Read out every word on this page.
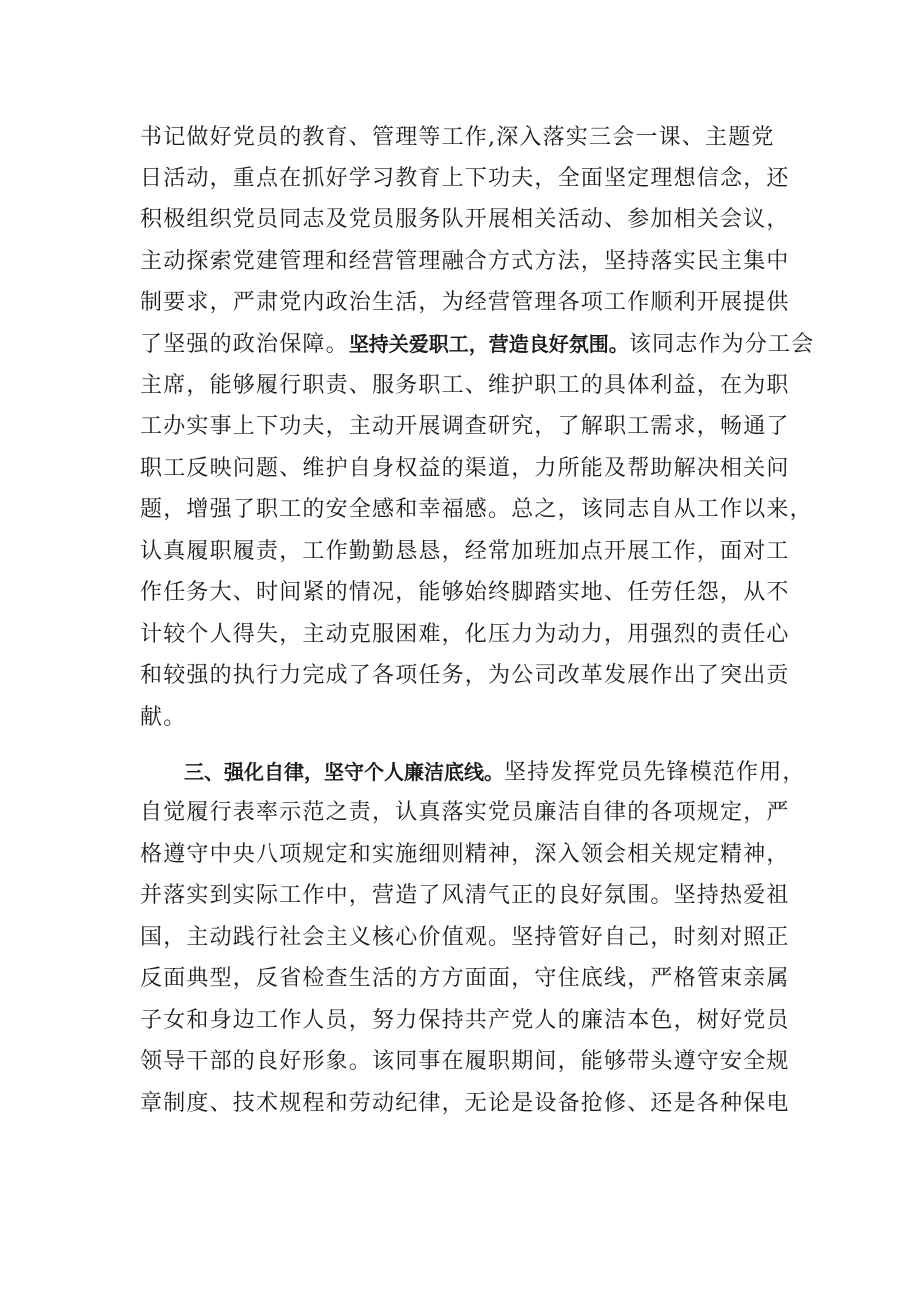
书记做好党员的教育、管理等工作,深入落实三会一课、主题党
日活动，重点在抓好学习教育上下功夫，全面坚定理想信念，还
积极组织党员同志及党员服务队开展相关活动、参加相关会议，
主动探索党建管理和经营管理融合方式方法，坚持落实民主集中
制要求，严肃党内政治生活，为经营管理各项工作顺利开展提供
了坚强的政治保障。坚持关爱职工，营造良好氛围。该同志作为分工会
主席，能够履行职责、服务职工、维护职工的具体利益，在为职
工办实事上下功夫，主动开展调查研究，了解职工需求，畅通了
职工反映问题、维护自身权益的渠道，力所能及帮助解决相关问
题，增强了职工的安全感和幸福感。总之，该同志自从工作以来，
认真履职履责，工作勤勤恳恳，经常加班加点开展工作，面对工
作任务大、时间紧的情况，能够始终脚踏实地、任劳任怨，从不
计较个人得失，主动克服困难，化压力为动力，用强烈的责任心
和较强的执行力完成了各项任务，为公司改革发展作出了突出贡
献。
三、强化自律，坚守个人廉洁底线。坚持发挥党员先锋模范作用，
自觉履行表率示范之责，认真落实党员廉洁自律的各项规定，严
格遵守中央八项规定和实施细则精神，深入领会相关规定精神，
并落实到实际工作中，营造了风清气正的良好氛围。坚持热爱祖
国，主动践行社会主义核心价值观。坚持管好自己，时刻对照正
反面典型，反省检查生活的方方面面，守住底线，严格管束亲属
子女和身边工作人员，努力保持共产党人的廉洁本色，树好党员
领导干部的良好形象。该同事在履职期间，能够带头遵守安全规
章制度、技术规程和劳动纪律，无论是设备抢修、还是各种保电
